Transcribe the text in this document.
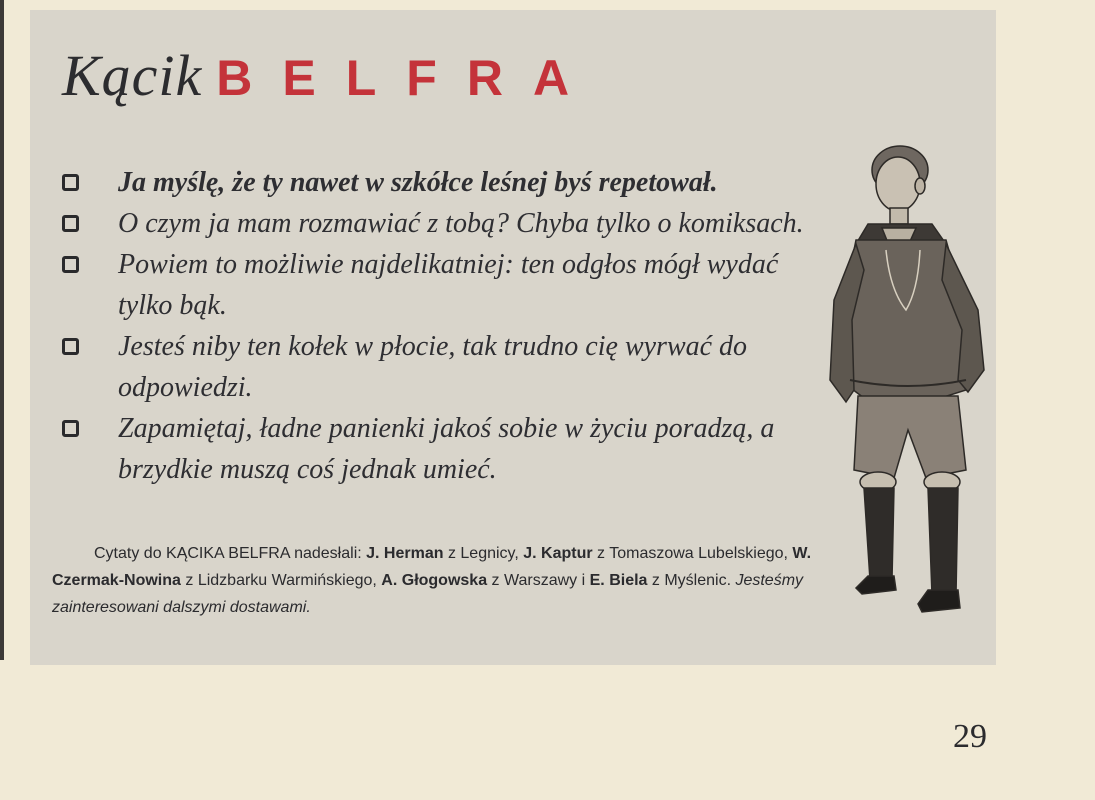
Kącik BELFRA
Ja myślę, że ty nawet w szkółce leśnej byś repetował.
O czym ja mam rozmawiać z tobą? Chyba tylko o komiksach.
Powiem to możliwie najdelikatniej: ten odgłos mógł wydać tylko bąk.
Jesteś niby ten kołek w płocie, tak trudno cię wyrwać do odpowiedzi.
Zapamiętaj, ładne panienki jakoś sobie w życiu poradzą, a brzydkie muszą coś jednak umieć.
Cytaty do KĄCIKA BELFRA nadesłali: J. Herman z Legnicy, J. Kaptur z Tomaszowa Lubelskiego, W. Czermak-Nowina z Lidzbarku Warmińskiego, A. Głogowska z Warszawy i E. Biela z Myślenic. Jesteśmy zainteresowani dalszymi dostawami.
29
